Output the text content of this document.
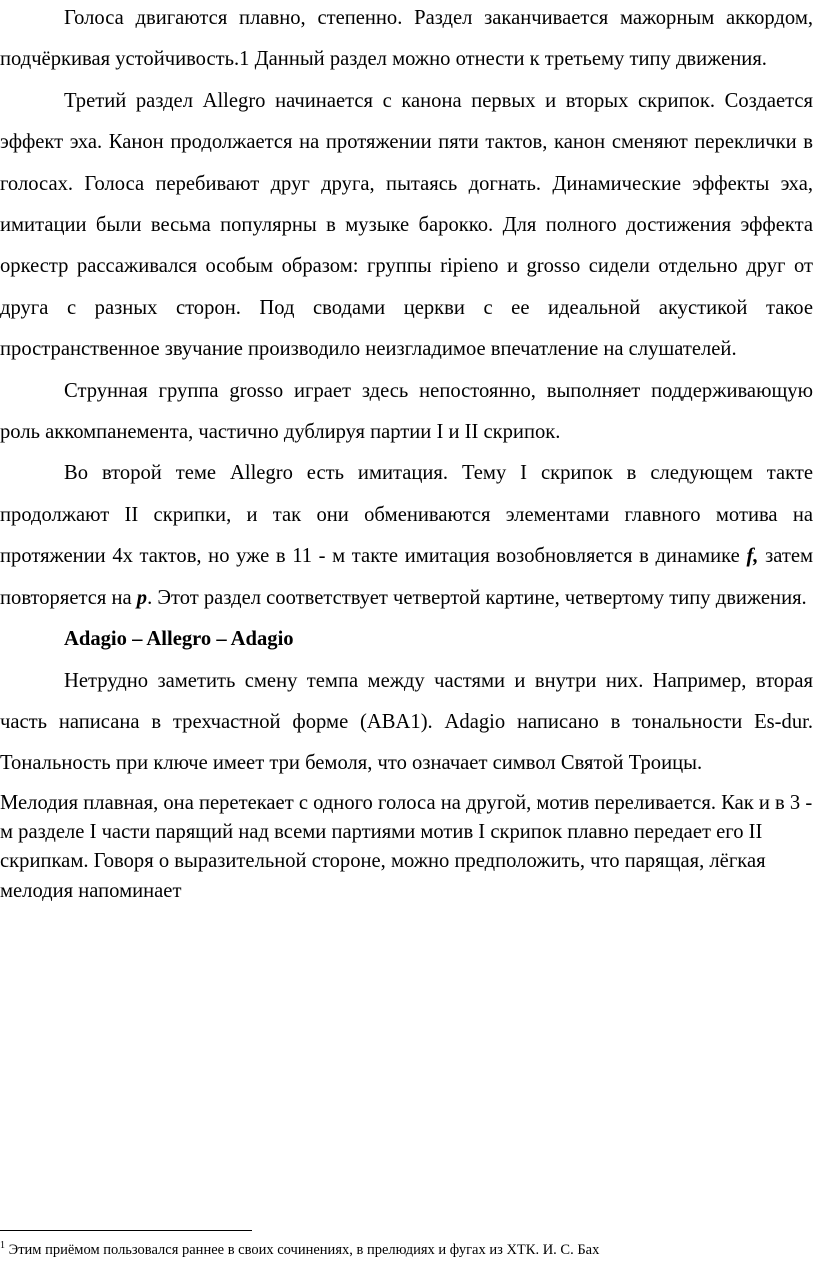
Голоса двигаются плавно, степенно. Раздел заканчивается мажорным аккордом, подчёркивая устойчивость.1 Данный раздел можно отнести к третьему типу движения.

Третий раздел Allegro начинается с канона первых и вторых скрипок. Создается эффект эха. Канон продолжается на протяжении пяти тактов, канон сменяют переклички в голосах. Голоса перебивают друг друга, пытаясь догнать. Динамические эффекты эха, имитации были весьма популярны в музыке барокко. Для полного достижения эффекта оркестр рассаживался особым образом: группы ripieno и grosso сидели отдельно друг от друга с разных сторон. Под сводами церкви с ее идеальной акустикой такое пространственное звучание производило неизгладимое впечатление на слушателей.

Струнная группа grosso играет здесь непостоянно, выполняет поддерживающую роль аккомпанемента, частично дублируя партии I и II скрипок.

Во второй теме Allegro есть имитация. Тему I скрипок в следующем такте продолжают II скрипки, и так они обмениваются элементами главного мотива на протяжении 4х тактов, но уже в 11 - м такте имитация возобновляется в динамике f, затем повторяется на p. Этот раздел соответствует четвертой картине, четвертому типу движения.

Adagio – Allegro – Adagio

Нетрудно заметить смену темпа между частями и внутри них. Например, вторая часть написана в трехчастной форме (ABA1). Adagio написано в тональности Es-dur. Тональность при ключе имеет три бемоля, что означает символ Святой Троицы.

Мелодия плавная, она перетекает с одного голоса на другой, мотив переливается. Как и в 3 - м разделе I части парящий над всеми партиями мотив I скрипок плавно передает его II скрипкам. Говоря о выразительной стороне, можно предположить, что парящая, лёгкая мелодия напоминает

$^1$ Этим приёмом пользовался раннее в своих сочинениях, в прелюдиях и фугах из ХТК. И. С. Бах
